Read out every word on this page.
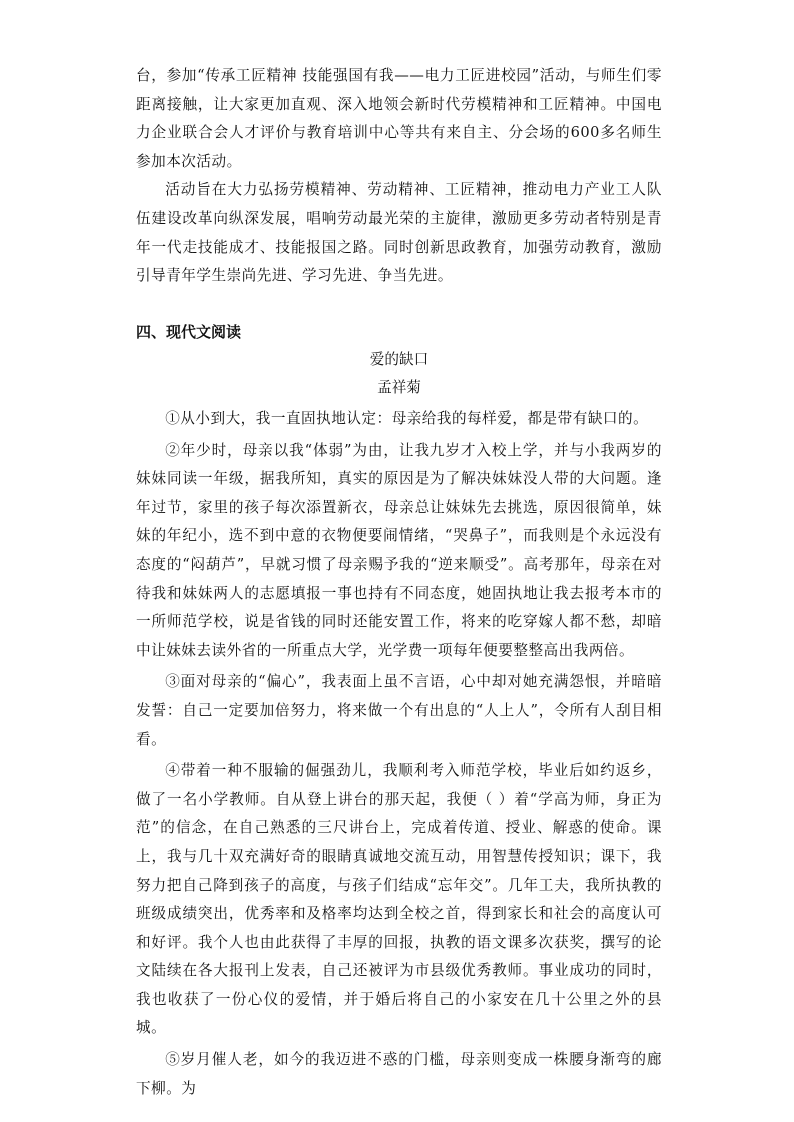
台，参加“传承工匠精神 技能强国有我——电力工匠进校园”活动，与师生们零距离接触，让大家更加直观、深入地领会新时代劳模精神和工匠精神。中国电力企业联合会人才评价与教育培训中心等共有来自主、分会场的600多名师生参加本次活动。

活动旨在大力弘扬劳模精神、劳动精神、工匠精神，推动电力产业工人队伍建设改革向纵深发展，唱响劳动最光荣的主旋律，激励更多劳动者特别是青年一代走技能成才、技能报国之路。同时创新思政教育，加强劳动教育，激励引导青年学生崇尚先进、学习先进、争当先进。

四、现代文阅读
爱的缺口
孟祥菊

①从小到大，我一直固执地认定：母亲给我的每样爱，都是带有缺口的。

②年少时，母亲以我“体弱”为由，让我九岁才入校上学，并与小我两岁的妹妹同读一年级，据我所知，真实的原因是为了解决妹妹没人带的大问题。逢年过节，家里的孩子每次添置新衣，母亲总让妹妹先去挑选，原因很简单，妹妹的年纪小，选不到中意的衣物便要闹情绪，“哭鼻子”，而我则是个永远没有态度的“闷葫芦”，早就习惯了母亲赐予我的“逆来顺受”。高考那年，母亲在对待我和妹妹两人的志愿填报一事也持有不同态度，她固执地让我去报考本市的一所师范学校，说是省钱的同时还能安置工作，将来的吃穿嫁人都不愁，却暗中让妹妹去读外省的一所重点大学，光学费一项每年便要整整高出我两倍。

③面对母亲的“偏心”，我表面上虽不言语，心中却对她充满怨恨，并暗暗发誓：自己一定要加倍努力，将来做一个有出息的“人上人”，令所有人刮目相看。

④带着一种不服输的倔强劲儿，我顺利考入师范学校，毕业后如约返乡，做了一名小学教师。自从登上讲台的那天起，我便（ ）着“学高为师，身正为范”的信念，在自己熟悉的三尺讲台上，完成着传道、授业、解惑的使命。课上，我与几十双充满好奇的眼睛真诚地交流互动，用智慧传授知识；课下，我努力把自己降到孩子的高度，与孩子们结成“忘年交”。几年工夫，我所执教的班级成绩突出，优秀率和及格率均达到全校之首，得到家长和社会的高度认可和好评。我个人也由此获得了丰厚的回报，执教的语文课多次获奖，撰写的论文陆续在各大报刊上发表，自己还被评为市县级优秀教师。事业成功的同时，我也收获了一份心仪的爱情，并于婚后将自己的小家安在几十公里之外的县城。

⑤岁月催人老，如今的我迈进不惑的门槛，母亲则变成一株腰身渐弯的廊下柳。为
